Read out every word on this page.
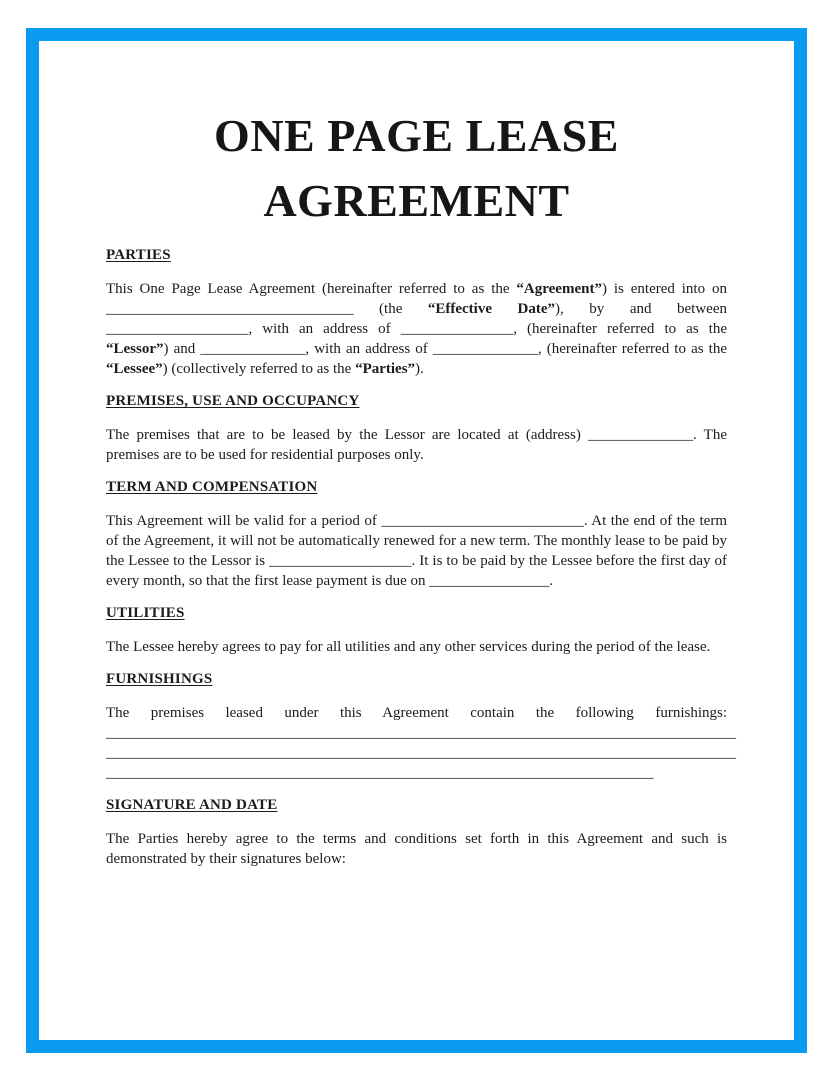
ONE PAGE LEASE
AGREEMENT
PARTIES

This One Page Lease Agreement (hereinafter referred to as the “Agreement”) is entered into on _________________________________ (the “Effective Date”), by and between ___________________, with an address of _______________, (hereinafter referred to as the “Lessor”) and ______________, with an address of ______________, (hereinafter referred to as the “Lessee”) (collectively referred to as the “Parties”).

PREMISES, USE AND OCCUPANCY

The premises that are to be leased by the Lessor are located at (address) ______________. The premises are to be used for residential purposes only.

TERM AND COMPENSATION

This Agreement will be valid for a period of ___________________________. At the end of the term of the Agreement, it will not be automatically renewed for a new term. The monthly lease to be paid by the Lessee to the Lessor is ___________________. It is to be paid by the Lessee before the first day of every month, so that the first lease payment is due on ________________.

UTILITIES

The Lessee hereby agrees to pay for all utilities and any other services during the period of the lease.

FURNISHINGS

The premises leased under this Agreement contain the following furnishings: ____________________________________________________________________________________ ____________________________________________________________________________________ _________________________________________________________________________

SIGNATURE AND DATE

The Parties hereby agree to the terms and conditions set forth in this Agreement and such is demonstrated by their signatures below:
